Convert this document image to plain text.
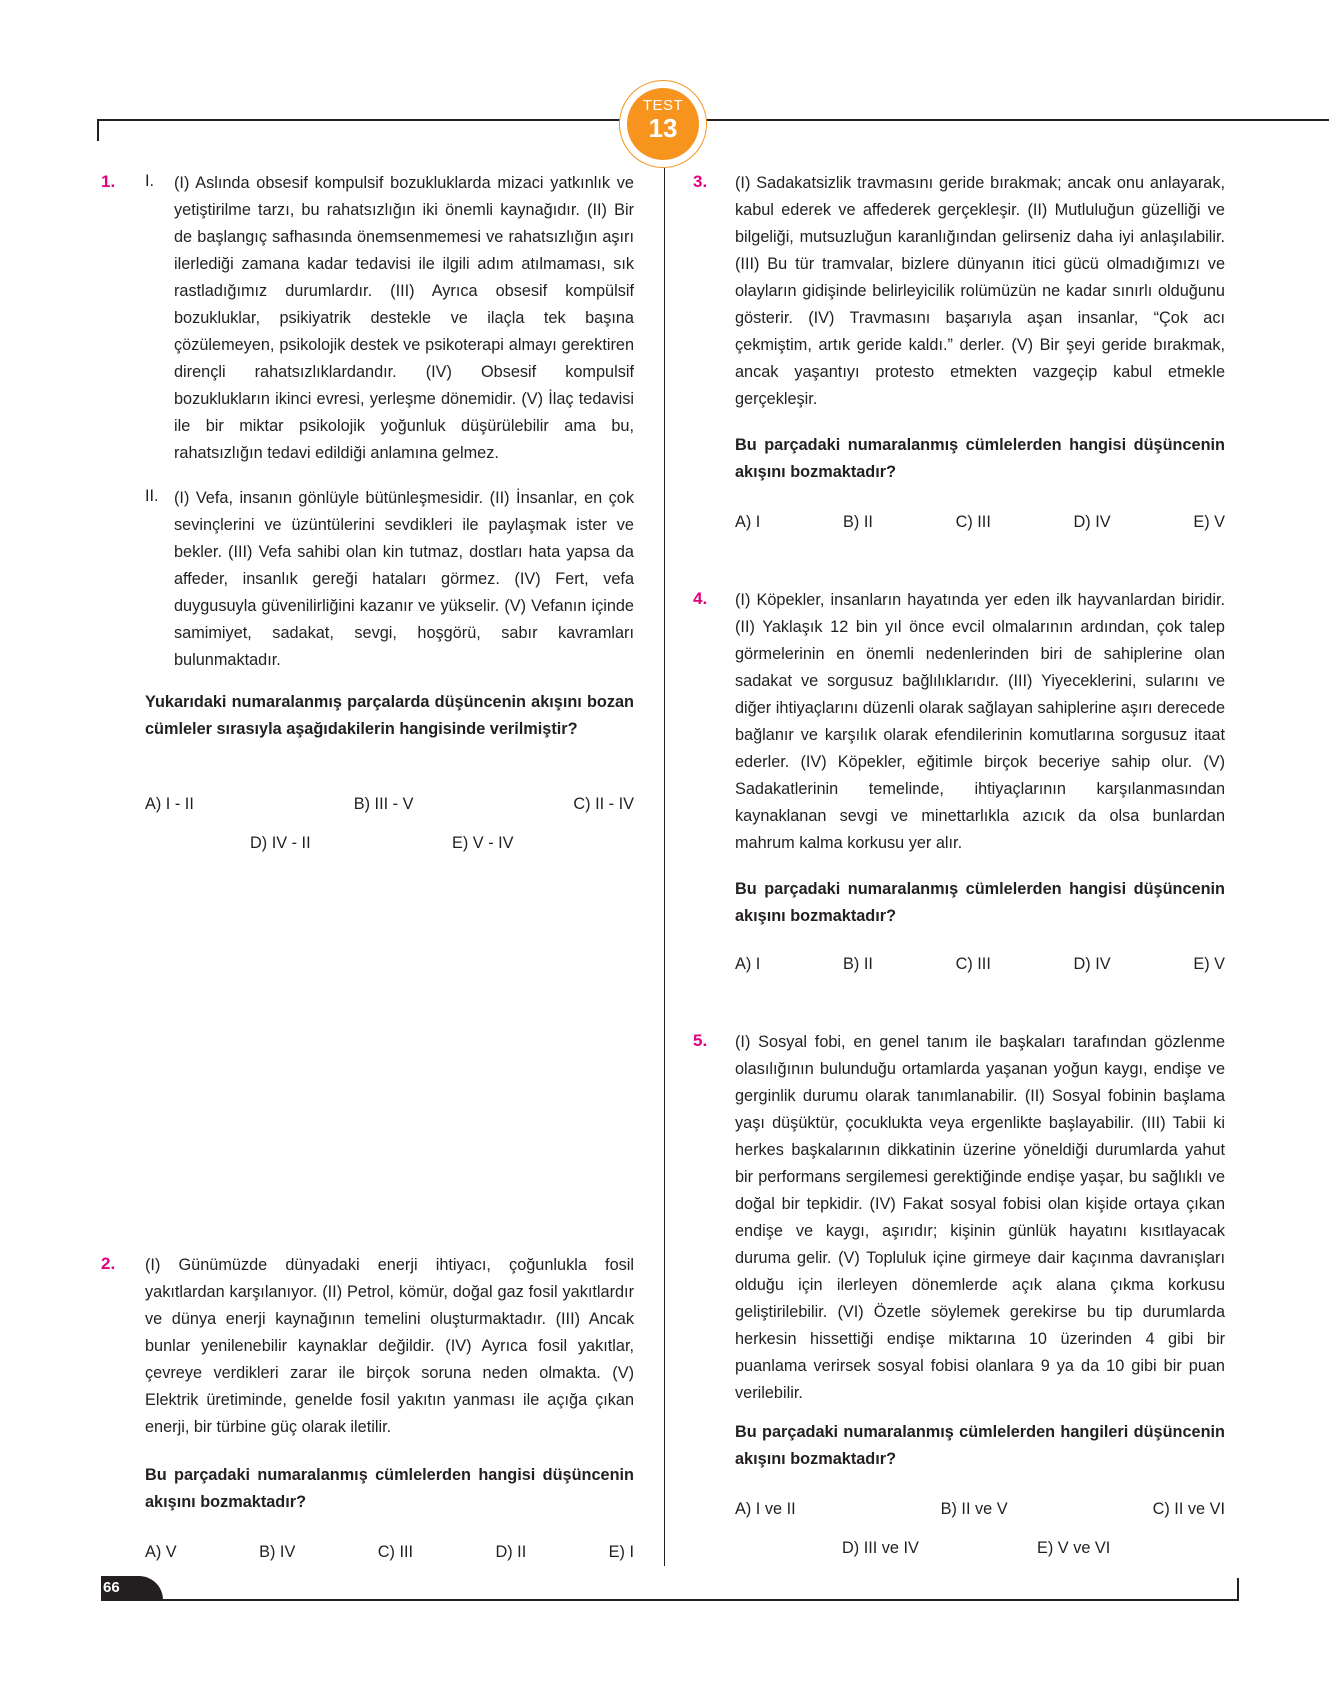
TEST
13
1. I. (I) Aslında obsesif kompulsif bozukluklarda mizaci yatkınlık ve yetiştirilme tarzı, bu rahatsızlığın iki önemli kaynağıdır. (II) Bir de başlangıç safhasında önemsenmemesi ve rahatsızlığın aşırı ilerlediği zamana kadar tedavisi ile ilgili adım atılmaması, sık rastladığımız durumlardır. (III) Ayrıca obsesif kompülsif bozukluklar, psikiyatrik destekle ve ilaçla tek başına çözülemeyen, psikolojik destek ve psikoterapi almayı gerektiren dirençli rahatsızlıklardandır. (IV) Obsesif kompulsif bozuklukların ikinci evresi, yerleşme dönemidir. (V) İlaç tedavisi ile bir miktar psikolojik yoğunluk düşürülebilir ama bu, rahatsızlığın tedavi edildiği anlamına gelmez.

II. (I) Vefa, insanın gönlüyle bütünleşmesidir. (II) İnsanlar, en çok sevinçlerini ve üzüntülerini sevdikleri ile paylaşmak ister ve bekler. (III) Vefa sahibi olan kin tutmaz, dostları hata yapsa da affeder, insanlık gereği hataları görmez. (IV) Fert, vefa duygusuyla güvenilirliğini kazanır ve yükselir. (V) Vefanın içinde samimiyet, sadakat, sevgi, hoşgörü, sabır kavramları bulunmaktadır.

Yukarıdaki numaralanmış parçalarda düşüncenin akışını bozan cümleler sırasıyla aşağıdakilerin hangisinde verilmiştir?

A) I - II	B) III - V	C) II - IV
D) IV - II	E) V - IV
2. (I) Günümüzde dünyadaki enerji ihtiyacı, çoğunlukla fosil yakıtlardan karşılanıyor. (II) Petrol, kömür, doğal gaz fosil yakıtlardır ve dünya enerji kaynağının temelini oluşturmaktadır. (III) Ancak bunlar yenilenebilir kaynaklar değildir. (IV) Ayrıca fosil yakıtlar, çevreye verdikleri zarar ile birçok soruna neden olmakta. (V) Elektrik üretiminde, genelde fosil yakıtın yanması ile açığa çıkan enerji, bir türbine güç olarak iletilir.

Bu parçadaki numaralanmış cümlelerden hangisi düşüncenin akışını bozmaktadır?

A) V	B) IV	C) III	D) II	E) I
3. (I) Sadakatsizlik travmasını geride bırakmak; ancak onu anlayarak, kabul ederek ve affederek gerçekleşir. (II) Mutluluğun güzelliği ve bilgeliği, mutsuzluğun karanlığından gelirseniz daha iyi anlaşılabilir. (III) Bu tür tramvalar, bizlere dünyanın itici gücü olmadığımızı ve olayların gidişinde belirleyicilik rolümüzün ne kadar sınırlı olduğunu gösterir. (IV) Travmasını başarıyla aşan insanlar, “Çok acı çekmiştim, artık geride kaldı.” derler. (V) Bir şeyi geride bırakmak, ancak yaşantıyı protesto etmekten vazgeçip kabul etmekle gerçekleşir.

Bu parçadaki numaralanmış cümlelerden hangisi düşüncenin akışını bozmaktadır?

A) I	B) II	C) III	D) IV	E) V
4. (I) Köpekler, insanların hayatında yer eden ilk hayvanlardan biridir. (II) Yaklaşık 12 bin yıl önce evcil olmalarının ardından, çok talep görmelerinin en önemli nedenlerinden biri de sahiplerine olan sadakat ve sorgusuz bağlılıklarıdır. (III) Yiyeceklerini, sularını ve diğer ihtiyaçlarını düzenli olarak sağlayan sahiplerine aşırı derecede bağlanır ve karşılık olarak efendilerinin komutlarına sorgusuz itaat ederler. (IV) Köpekler, eğitimle birçok beceriye sahip olur. (V) Sadakatlerinin temelinde, ihtiyaçlarının karşılanmasından kaynaklanan sevgi ve minettarlıkla azıcık da olsa bunlardan mahrum kalma korkusu yer alır.

Bu parçadaki numaralanmış cümlelerden hangisi düşüncenin akışını bozmaktadır?

A) I	B) II	C) III	D) IV	E) V
5. (I) Sosyal fobi, en genel tanım ile başkaları tarafından gözlenme olasılığının bulunduğu ortamlarda yaşanan yoğun kaygı, endişe ve gerginlik durumu olarak tanımlanabilir. (II) Sosyal fobinin başlama yaşı düşüktür, çocuklukta veya ergenlikte başlayabilir. (III) Tabii ki herkes başkalarının dikkatinin üzerine yöneldiği durumlarda yahut bir performans sergilemesi gerektiğinde endişe yaşar, bu sağlıklı ve doğal bir tepkidir. (IV) Fakat sosyal fobisi olan kişide ortaya çıkan endişe ve kaygı, aşırıdır; kişinin günlük hayatını kısıtlayacak duruma gelir. (V) Topluluk içine girmeye dair kaçınma davranışları olduğu için ilerleyen dönemlerde açık alana çıkma korkusu geliştirilebilir. (VI) Özetle söylemek gerekirse bu tip durumlarda herkesin hissettiği endişe miktarına 10 üzerinden 4 gibi bir puanlama verirsek sosyal fobisi olanlara 9 ya da 10 gibi bir puan verilebilir.

Bu parçadaki numaralanmış cümlelerden hangileri düşüncenin akışını bozmaktadır?

A) I ve II	B) II ve V	C) II ve VI
D) III ve IV	E) V ve VI
66
